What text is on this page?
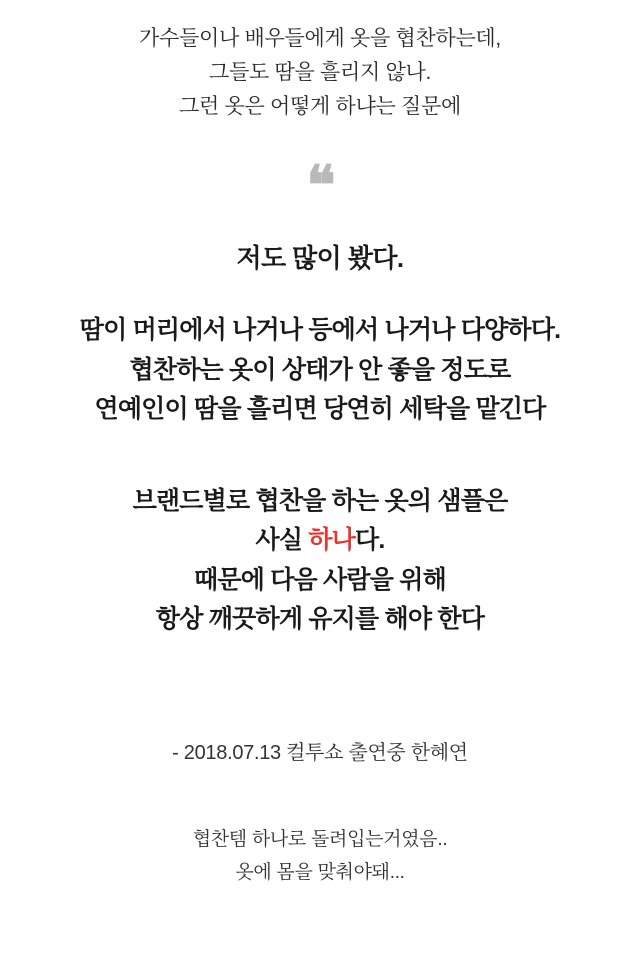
가수들이나 배우들에게 옷을 협찬하는데,
그들도 땀을 흘리지 않나.
그런 옷은 어떻게 하냐는 질문에
❝
저도 많이 봤다.
땀이 머리에서 나거나 등에서 나거나 다양하다.
협찬하는 옷이 상태가 안 좋을 정도로
연예인이 땀을 흘리면 당연히 세탁을 맡긴다
브랜드별로 협찬을 하는 옷의 샘플은
사실 하나다.
때문에 다음 사람을 위해
항상 깨끗하게 유지를 해야 한다
- 2018.07.13 컬투쇼 출연중 한혜연
협찬템 하나로 돌려입는거였음..
옷에 몸을 맞춰야돼...
